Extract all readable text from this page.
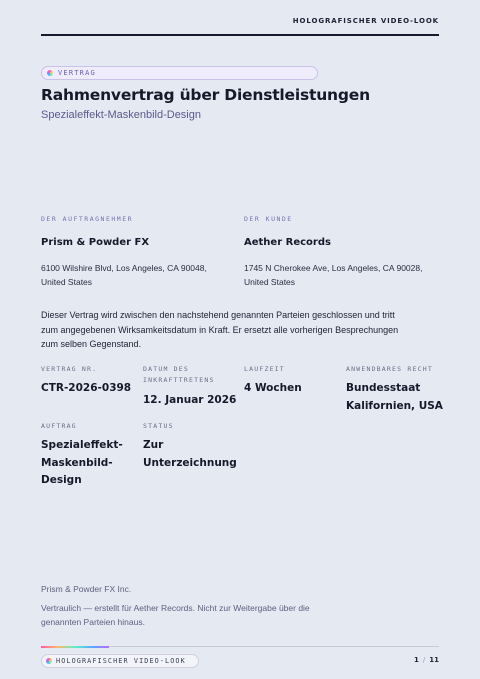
HOLOGRAFISCHER VIDEO-LOOK
VERTRAG
Rahmenvertrag über Dienstleistungen
Spezialeffekt-Maskenbild-Design
DER AUFTRAGNEHMER
Prism & Powder FX
6100 Wilshire Blvd, Los Angeles, CA 90048, United States
DER KUNDE
Aether Records
1745 N Cherokee Ave, Los Angeles, CA 90028, United States

Dieser Vertrag wird zwischen den nachstehend genannten Parteien geschlossen und tritt zum angegebenen Wirksamkeitsdatum in Kraft. Er ersetzt alle vorherigen Besprechungen zum selben Gegenstand.

VERTRAG NR.
CTR-2026-0398
DATUM DES INKRAFTTRETENS
12. Januar 2026
LAUFZEIT
4 Wochen
ANWENDBARES RECHT
Bundesstaat Kalifornien, USA
AUFTRAG
Spezialeffekt-Maskenbild-Design
STATUS
Zur Unterzeichnung
Prism & Powder FX Inc.
Vertraulich — erstellt für Aether Records. Nicht zur Weitergabe über die genannten Parteien hinaus.
HOLOGRAFISCHER VIDEO-LOOK	1 / 11
